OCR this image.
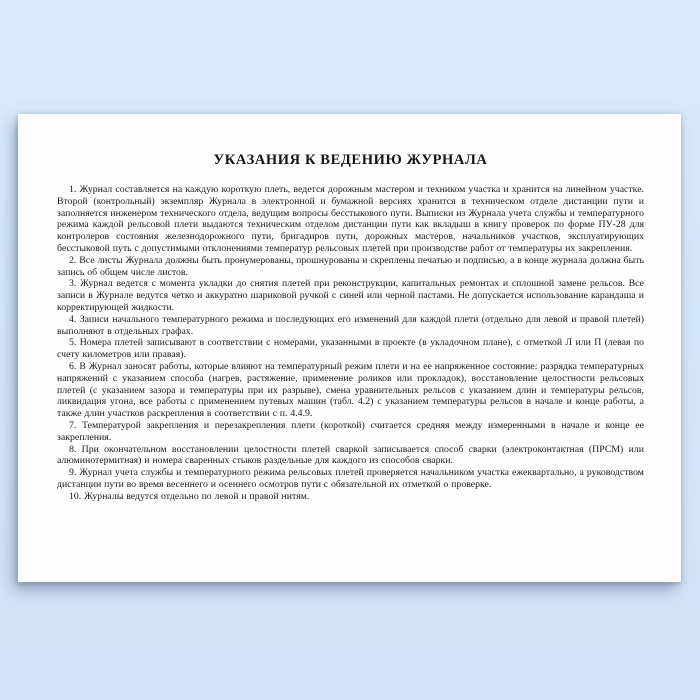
УКАЗАНИЯ К ВЕДЕНИЮ ЖУРНАЛА

1. Журнал составляется на каждую короткую плеть, ведется дорожным мастером и техником участка и хранится на линейном участке. Второй (контрольный) экземпляр Журнала в электронной и бумажной версиях хранится в техническом отделе дистанции пути и заполняется инженером технического отдела, ведущим вопросы бесстыкового пути. Выписки из Журнала учета службы и температурного режима каждой рельсовой плети выдаются техническим отделом дистанции пути как вкладыш в книгу проверок по форме ПУ-28 для контролеров состояния железнодорожного пути, бригадиров пути, дорожных мастеров, начальников участков, эксплуатирующих бесстыковой путь с допустимыми отклонениями температур рельсовых плетей при производстве работ от температуры их закрепления.

2. Все листы Журнала должны быть пронумерованы, прошнурованы и скреплены печатью и подписью, а в конце журнала должна быть запись об общем числе листов.

3. Журнал ведется с момента укладки до снятия плетей при реконструкции, капитальных ремонтах и сплошной замене рельсов. Все записи в Журнале ведутся четко и аккуратно шариковой ручкой с синей или черной пастами. Не допускается использование карандаша и корректирующей жидкости.

4. Записи начального температурного режима и последующих его изменений для каждой плети (отдельно для левой и правой плетей) выполняют в отдельных графах.

5. Номера плетей записывают в соответствии с номерами, указанными в проекте (в укладочном плане), с отметкой Л или П (левая по счету километров или правая).

6. В Журнал заносят работы, которые влияют на температурный режим плети и на ее напряженное состояние: разрядка температурных напряжений с указанием способа (нагрев, растяжение, применение роликов или прокладок), восстановление целостности рельсовых плетей (с указанием зазора и температуры при их разрыве), смена уравнительных рельсов с указанием длин и температуры рельсов, ликвидация угона, все работы с применением путевых машин (табл. 4.2) с указанием температуры рельсов в начале и конце работы, а также длин участков раскрепления в соответствии с п. 4.4.9.

7. Температурой закрепления и перезакрепления плети (короткой) считается средняя между измеренными в начале и конце ее закрепления.

8. При окончательном восстановлении целостности плетей сваркой записывается способ сварки (электроконтактная (ПРСМ) или алюминотермитная) и номера сваренных стыков раздельные для каждого из способов сварки.

9. Журнал учета службы и температурного режима рельсовых плетей проверяется начальником участка ежеквартально, а руководством дистанции пути во время весеннего и осеннего осмотров пути с обязательной их отметкой о проверке.

10. Журналы ведутся отдельно по левой и правой нитям.
